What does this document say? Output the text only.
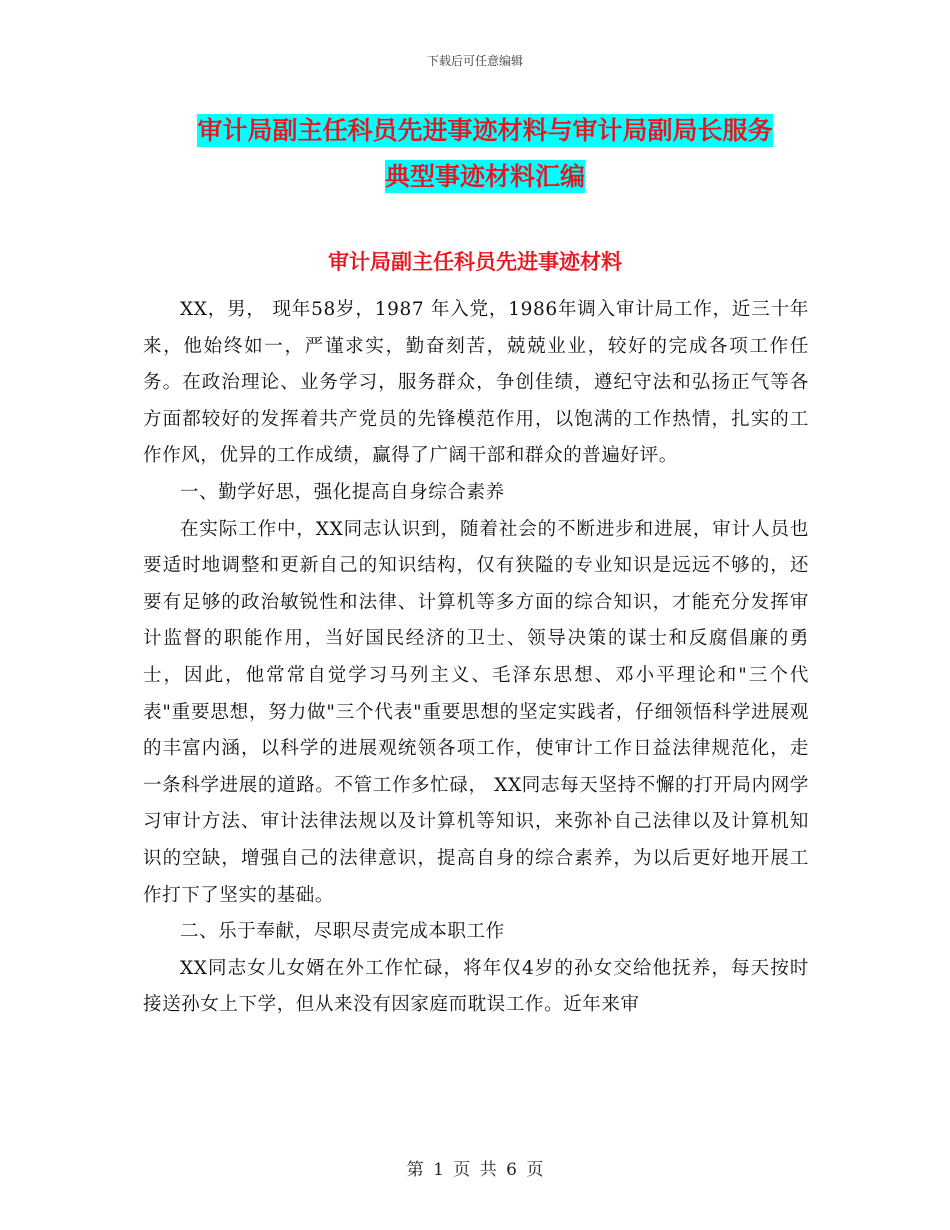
下载后可任意编辑
审计局副主任科员先进事迹材料与审计局副局长服务
典型事迹材料汇编
审计局副主任科员先进事迹材料

XX，男， 现年58岁，1987 年入党，1986年调入审计局工作，近三十年来，他始终如一，严谨求实，勤奋刻苦，兢兢业业，较好的完成各项工作任务。在政治理论、业务学习，服务群众，争创佳绩，遵纪守法和弘扬正气等各方面都较好的发挥着共产党员的先锋模范作用，以饱满的工作热情，扎实的工作作风，优异的工作成绩，赢得了广阔干部和群众的普遍好评。

一、勤学好思，强化提高自身综合素养

在实际工作中，XX同志认识到，随着社会的不断进步和进展，审计人员也要适时地调整和更新自己的知识结构，仅有狭隘的专业知识是远远不够的，还要有足够的政治敏锐性和法律、计算机等多方面的综合知识，才能充分发挥审计监督的职能作用，当好国民经济的卫士、领导决策的谋士和反腐倡廉的勇士，因此，他常常自觉学习马列主义、毛泽东思想、邓小平理论和"三个代表"重要思想，努力做"三个代表"重要思想的坚定实践者，仔细领悟科学进展观的丰富内涵，以科学的进展观统领各项工作，使审计工作日益法律规范化，走一条科学进展的道路。不管工作多忙碌， XX同志每天坚持不懈的打开局内网学习审计方法、审计法律法规以及计算机等知识，来弥补自己法律以及计算机知识的空缺，增强自己的法律意识，提高自身的综合素养，为以后更好地开展工作打下了坚实的基础。

二、乐于奉献，尽职尽责完成本职工作

XX同志女儿女婿在外工作忙碌，将年仅4岁的孙女交给他抚养，每天按时接送孙女上下学，但从来没有因家庭而耽误工作。近年来审

第 1 页 共 6 页
